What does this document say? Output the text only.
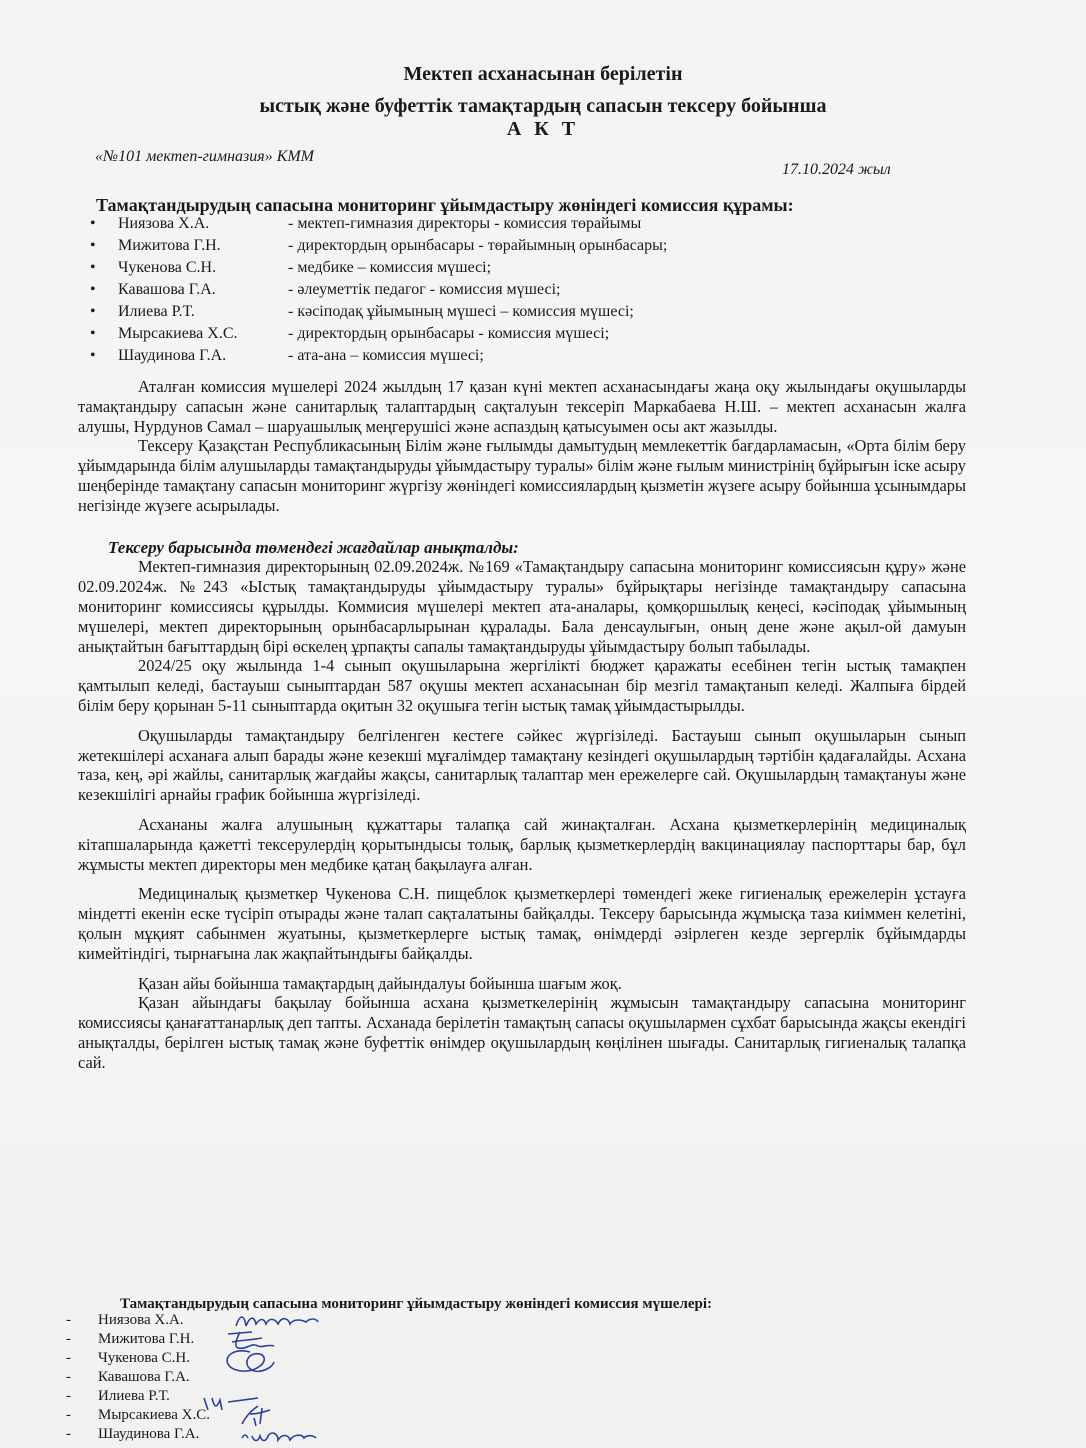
Мектеп асханасынан берілетін
ыстық және буфеттік тамақтардың сапасын тексеру бойынша
А К Т
«№101 мектеп-гимназия» КММ
17.10.2024 жыл
Тамақтандырудың сапасына мониторинг ұйымдастыру жөніндегі комиссия құрамы:
•	Ниязова Х.А.	- мектеп-гимназия директоры - комиссия төрайымы
•	Мижитова Г.Н.	- директордың орынбасары - төрайымның орынбасары;
•	Чукенова С.Н.	- медбике – комиссия мүшесі;
•	Кавашова Г.А.	- әлеуметтік педагог - комиссия мүшесі;
•	Илиева Р.Т.	- кәсіподақ ұйымының мүшесі – комиссия мүшесі;
•	Мырсакиева Х.С.	- директордың орынбасары - комиссия мүшесі;
•	Шаудинова Г.А.	- ата-ана – комиссия мүшесі;

Аталған комиссия мүшелері 2024 жылдың 17 қазан күні мектеп асханасындағы жаңа оқу жылындағы оқушыларды тамақтандыру сапасын және санитарлық талаптардың сақталуын тексеріп Маркабаева Н.Ш. – мектеп асханасын жалға алушы, Нурдунов Самал – шаруашылық меңгерушісі және аспаздың қатысуымен осы акт жазылды.

Тексеру Қазақстан Республикасының Білім және ғылымды дамытудың мемлекеттік бағдарламасын, «Орта білім беру ұйымдарында білім алушыларды тамақтандыруды ұйымдастыру туралы» білім және ғылым министрінің бұйрығын іске асыру шеңберінде тамақтану сапасын мониторинг жүргізу жөніндегі комиссиялардың қызметін жүзеге асыру бойынша ұсынымдары негізінде жүзеге асырылады.

Тексеру барысында төмендегі жағдайлар анықталды:

Мектеп-гимназия директорының 02.09.2024ж. №169 «Тамақтандыру сапасына мониторинг комиссиясын құру» және 02.09.2024ж. №243 «Ыстық тамақтандыруды ұйымдастыру туралы» бұйрықтары негізінде тамақтандыру сапасына мониторинг комиссиясы құрылды. Коммисия мүшелері мектеп ата-аналары, қомқоршылық кеңесі, кәсіподақ ұйымының мүшелері, мектеп директорының орынбасарлырынан құралады. Бала денсаулығын, оның дене және ақыл-ой дамуын анықтайтын бағыттардың бірі өскелең ұрпақты сапалы тамақтандыруды ұйымдастыру болып табылады.

2024/25 оқу жылында 1-4 сынып оқушыларына жергілікті бюджет қаражаты есебінен тегін ыстық тамақпен қамтылып келеді, бастауыш сыныптардан 587 оқушы мектеп асханасынан бір мезгіл тамақтанып келеді. Жалпыға бірдей білім беру қорынан 5-11 сыныптарда оқитын 32 оқушыға тегін ыстық тамақ ұйымдастырылды.

Оқушыларды тамақтандыру белгіленген кестеге сәйкес жүргізіледі. Бастауыш сынып оқушыларын сынып жетекшілері асханаға алып барады және кезекші мұғалімдер тамақтану кезіндегі оқушылардың тәртібін қадағалайды. Асхана таза, кең, әрі жайлы, санитарлық жағдайы жақсы, санитарлық талаптар мен ережелерге сай. Оқушылардың тамақтануы және кезекшілігі арнайы график бойынша жүргізіледі.

Асхананы жалға алушының құжаттары талапқа сай жинақталған. Асхана қызметкерлерінің медициналық кітапшаларында қажетті тексерулердің қорытындысы толық, барлық қызметкерлердің вакцинациялау паспорттары бар, бұл жұмысты мектеп директоры мен медбике қатаң бақылауға алған.

Медициналық қызметкер Чукенова С.Н. пищеблок қызметкерлері төмендегі жеке гигиеналық ережелерін ұстауға міндетті екенін еске түсіріп отырады және талап сақталатыны байқалды. Тексеру барысында жұмысқа таза киіммен келетіні, қолын мұқият сабынмен жуатыны, қызметкерлерге ыстық тамақ, өнімдерді әзірлеген кезде зергерлік бұйымдарды кимейтіндігі, тырнағына лак жақпайтындығы байқалды.

Қазан айы бойынша тамақтардың дайындалуы бойынша шағым жоқ.

Қазан айындағы бақылау бойынша асхана қызметкелерінің жұмысын тамақтандыру сапасына мониторинг комиссиясы қанағаттанарлық деп тапты. Асханада берілетін тамақтың сапасы оқушылармен сұхбат барысында жақсы екендігі анықталды, берілген ыстық тамақ және буфеттік өнімдер оқушылардың көңілінен шығады. Санитарлық гигиеналық талапқа сай.

Тамақтандырудың сапасына мониторинг ұйымдастыру жөніндегі комиссия мүшелері:
-	Ниязова Х.А.
-	Мижитова Г.Н.
-	Чукенова С.Н.
-	Кавашова Г.А.
-	Илиева Р.Т.
-	Мырсакиева Х.С.
-	Шаудинова Г.А.
